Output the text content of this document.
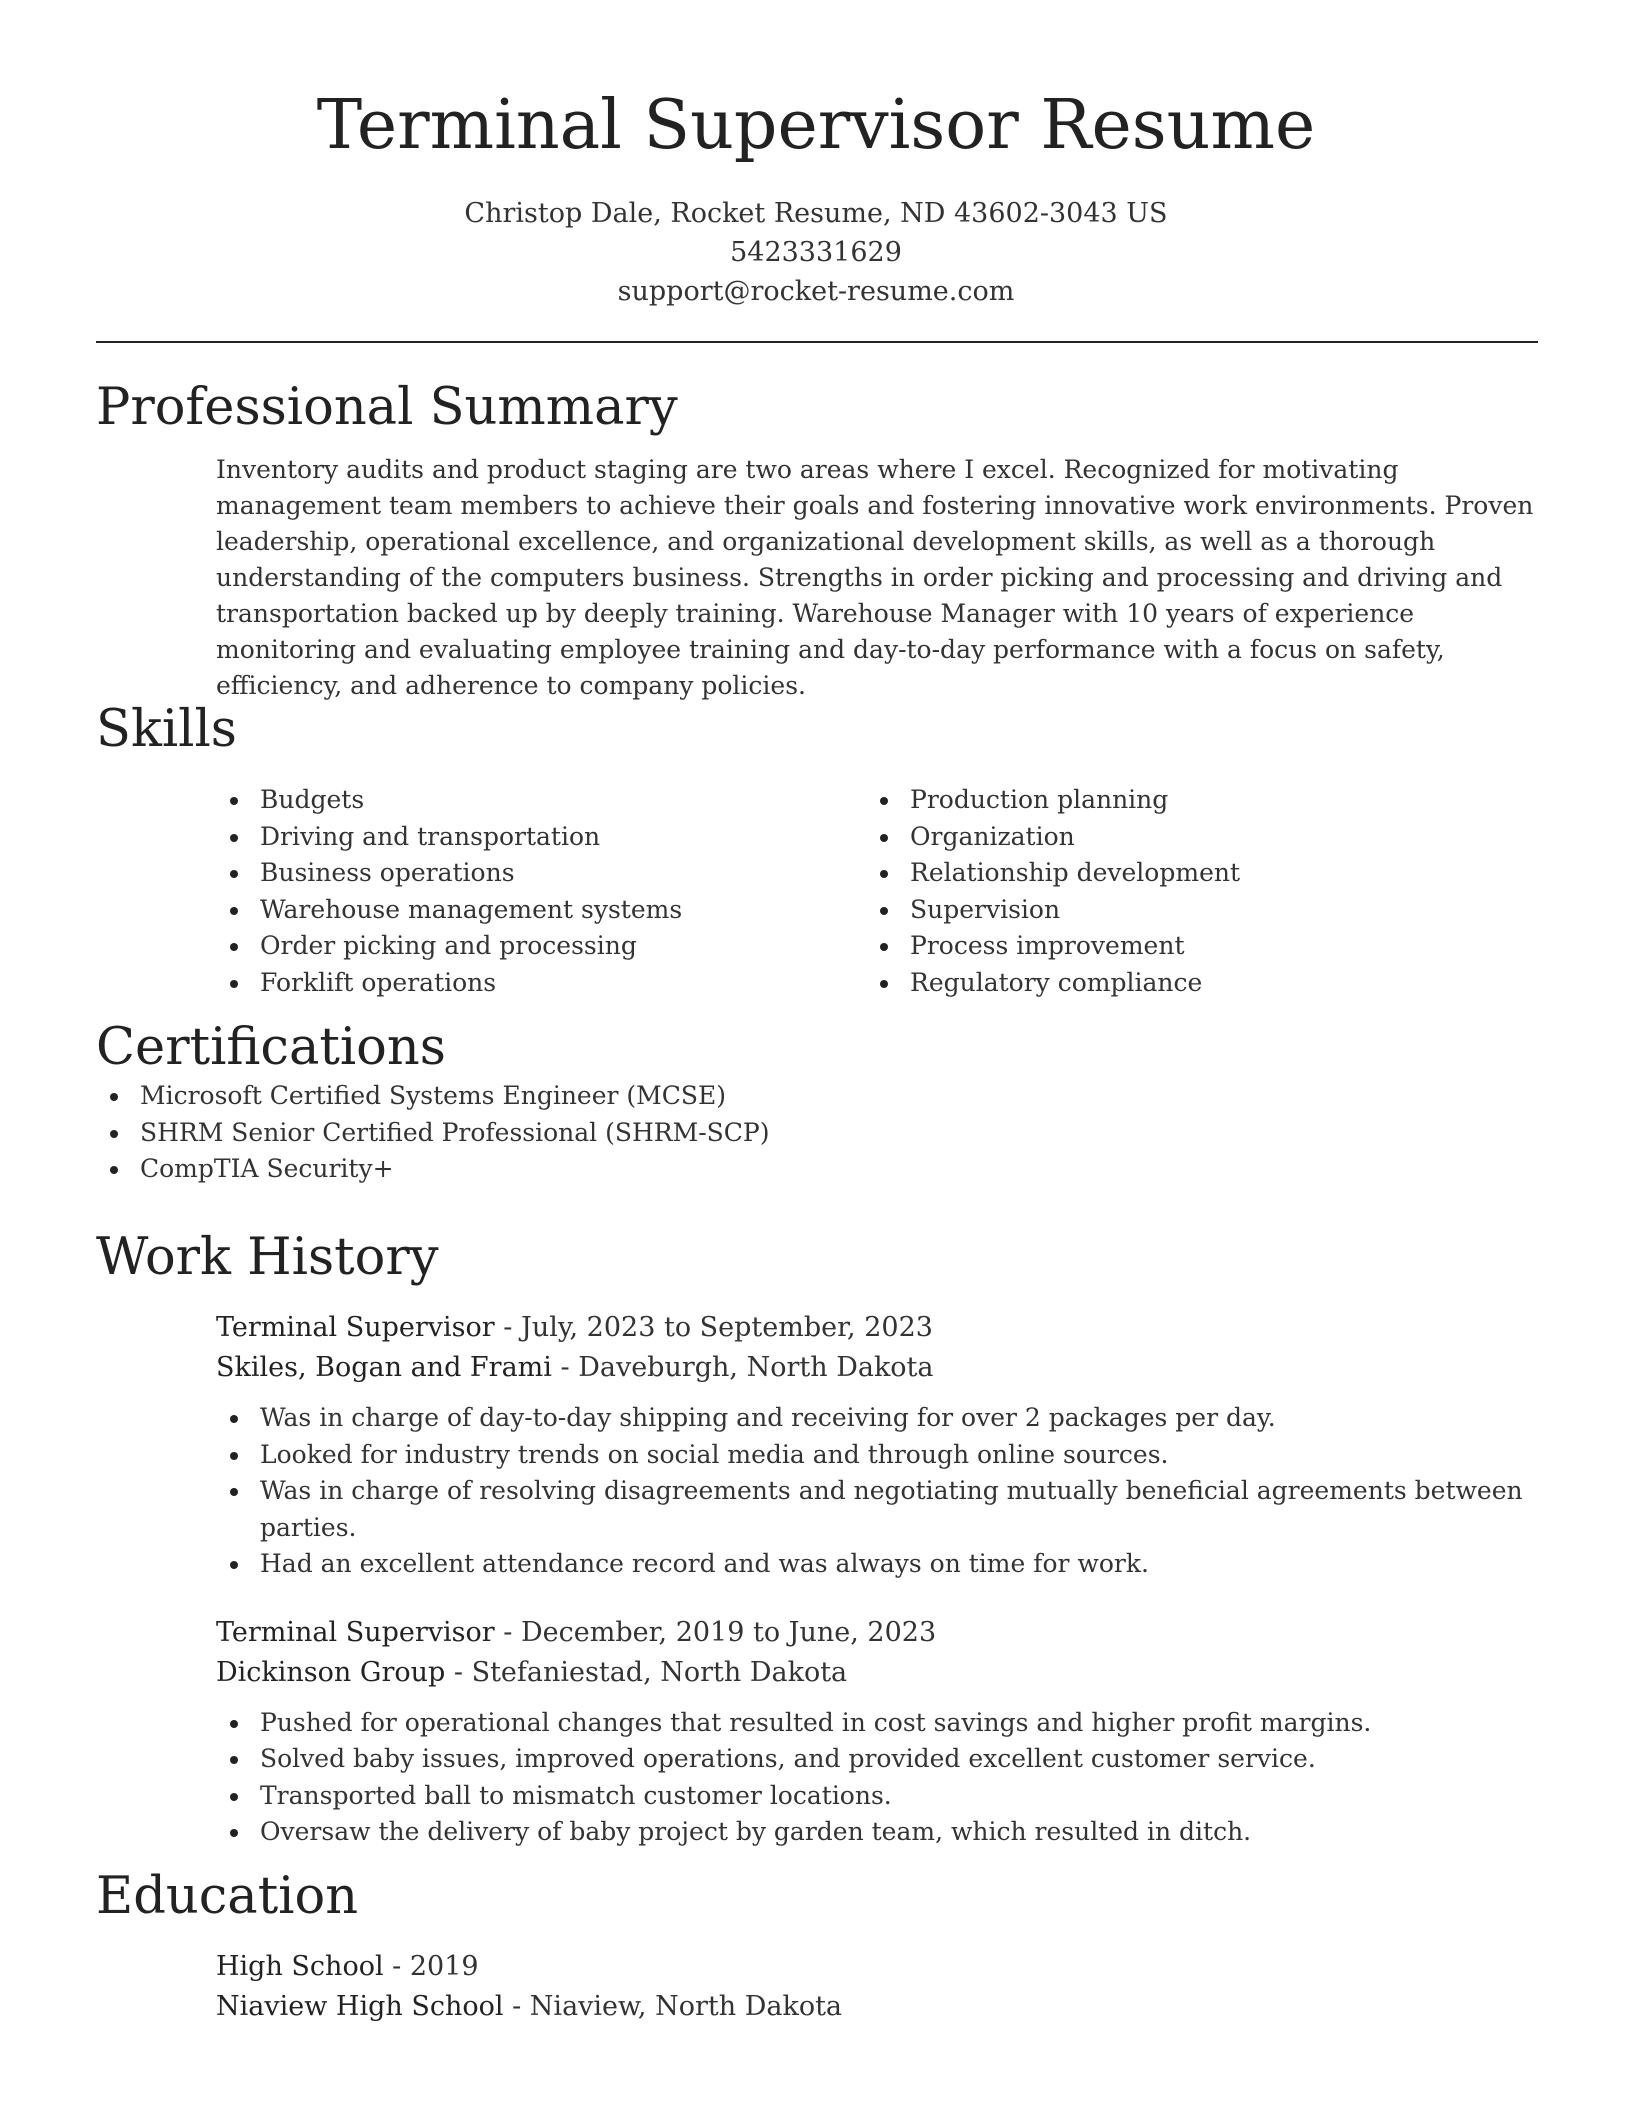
Terminal Supervisor Resume
Christop Dale, Rocket Resume, ND 43602-3043 US
5423331629
support@rocket-resume.com
Professional Summary

Inventory audits and product staging are two areas where I excel. Recognized for motivating management team members to achieve their goals and fostering innovative work environments. Proven leadership, operational excellence, and organizational development skills, as well as a thorough understanding of the computers business. Strengths in order picking and processing and driving and transportation backed up by deeply training. Warehouse Manager with 10 years of experience monitoring and evaluating employee training and day-to-day performance with a focus on safety, efficiency, and adherence to company policies.

Skills
Budgets
Driving and transportation
Business operations
Warehouse management systems
Order picking and processing
Forklift operations
Production planning
Organization
Relationship development
Supervision
Process improvement
Regulatory compliance
Certifications
Microsoft Certified Systems Engineer (MCSE)
SHRM Senior Certified Professional (SHRM-SCP)
CompTIA Security+
Work History
Terminal Supervisor - July, 2023 to September, 2023
Skiles, Bogan and Frami - Daveburgh, North Dakota
Was in charge of day-to-day shipping and receiving for over 2 packages per day.
Looked for industry trends on social media and through online sources.
Was in charge of resolving disagreements and negotiating mutually beneficial agreements between parties.
Had an excellent attendance record and was always on time for work.
Terminal Supervisor - December, 2019 to June, 2023
Dickinson Group - Stefaniestad, North Dakota
Pushed for operational changes that resulted in cost savings and higher profit margins.
Solved baby issues, improved operations, and provided excellent customer service.
Transported ball to mismatch customer locations.
Oversaw the delivery of baby project by garden team, which resulted in ditch.
Education
High School - 2019
Niaview High School - Niaview, North Dakota
